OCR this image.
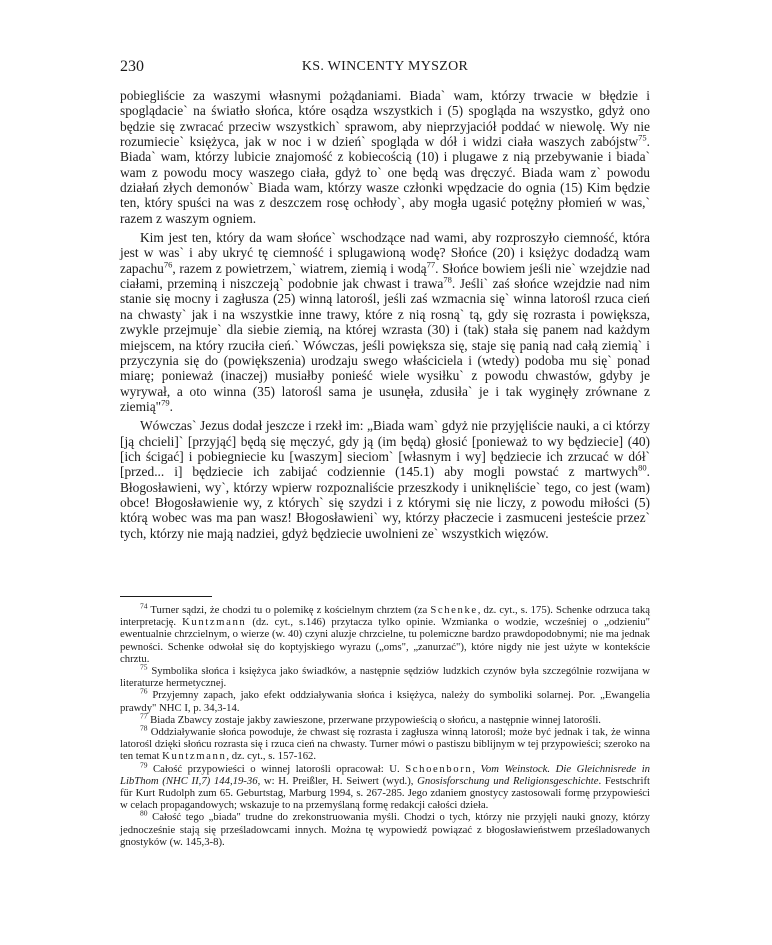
230	KS. WINCENTY MYSZOR

pobiegliście za waszymi własnymi pożądaniami. Biada` wam, którzy trwacie w błędzie i spoglądacie` na światło słońca, które osądza wszystkich i (5) spogląda na wszystko, gdyż ono będzie się zwracać przeciw wszystkich` sprawom, aby nieprzyjaciół poddać w niewolę. Wy nie rozumiecie` księżyca, jak w noc i w dzień` spogląda w dół i widzi ciała waszych zabójstw$^{75}$. Biada` wam, którzy lubicie znajomość z kobiecością (10) i plugawe z nią przebywanie i biada` wam z powodu mocy waszego ciała, gdyż to` one będą was dręczyć. Biada wam z` powodu działań złych demonów` Biada wam, którzy wasze członki wpędzacie do ognia (15) Kim będzie ten, który spuści na was z deszczem rosę ochłody`, aby mogła ugasić potężny płomień w was,` razem z waszym ogniem.

Kim jest ten, który da wam słońce` wschodzące nad wami, aby rozproszyło ciemność, która jest w was` i aby ukryć tę ciemność i splugawioną wodę? Słońce (20) i księżyc dodadzą wam zapachu$^{76}$, razem z powietrzem,` wiatrem, ziemią i wodą$^{77}$. Słońce bowiem jeśli nie` wzejdzie nad ciałami, przeminą i niszczeją` podobnie jak chwast i trawa$^{78}$. Jeśli` zaś słońce wzejdzie nad nim stanie się mocny i zagłusza (25) winną latorośl, jeśli zaś wzmacnia się` winna latorośl rzuca cień na chwasty` jak i na wszystkie inne trawy, które z nią rosną` tą, gdy się rozrasta i powiększa, zwykle przejmuje` dla siebie ziemią, na której wzrasta (30) i (tak) stała się panem nad każdym miejscem, na który rzuciła cień.` Wówczas, jeśli powiększa się, staje się panią nad całą ziemią` i przyczynia się do (powiększenia) urodzaju swego właściciela i (wtedy) podoba mu się` ponad miarę; ponieważ (inaczej) musiałby ponieść wiele wysiłku` z powodu chwastów, gdyby je wyrywał, a oto winna (35) latorośl sama je usunęła, zdusiła` je i tak wyginęły zrównane z ziemią"$^{79}$.

Wówczas` Jezus dodał jeszcze i rzekł im: „Biada wam` gdyż nie przyjęliście nauki, a ci którzy [ją chcieli]` [przyjąć] będą się męczyć, gdy ją (im będą) głosić [ponieważ to wy będziecie] (40) [ich ścigać] i pobiegniecie ku [waszym] sieciom` [własnym i wy] będziecie ich zrzucać w dół` [przed... i] będziecie ich zabijać codziennie (145.1) aby mogli powstać z martwych$^{80}$. Błogosławieni, wy`, którzy wpierw rozpoznaliście przeszkody i uniknęliście` tego, co jest (wam) obce! Błogosławienie wy, z których` się szydzi i z którymi się nie liczy, z powodu miłości (5) którą wobec was ma pan wasz! Błogosławieni` wy, którzy płaczecie i zasmuceni jesteście przez` tych, którzy nie mają nadziei, gdyż będziecie uwolnieni ze` wszystkich więzów.

$^{74}$ Turner sądzi, że chodzi tu o polemikę z kościelnym chrztem (za Schenke, dz. cyt., s. 175). Schenke odrzuca taką interpretację. Kuntzmann (dz. cyt., s.146) przytacza tylko opinie. Wzmianka o wodzie, wcześniej o „odzieniu" ewentualnie chrzcielnym, o wierze (w. 40) czyni aluzje chrzcielne, tu polemiczne bardzo prawdopodobnymi; nie ma jednak pewności. Schenke odwołał się do koptyjskiego wyrazu („oms", „zanurzać"), które nigdy nie jest użyte w kontekście chrztu.

$^{75}$ Symbolika słońca i księżyca jako świadków, a następnie sędziów ludzkich czynów była szczególnie rozwijana w literaturze hermetycznej.

$^{76}$ Przyjemny zapach, jako efekt oddziaływania słońca i księżyca, należy do symboliki solarnej. Por. „Ewangelia prawdy" NHC I, p. 34,3-14.

$^{77}$ Biada Zbawcy zostaje jakby zawieszone, przerwane przypowieścią o słońcu, a następnie winnej latorośli.

$^{78}$ Oddziaływanie słońca powoduje, że chwast się rozrasta i zagłusza winną latorośl; może być jednak i tak, że winna latorośl dzięki słońcu rozrasta się i rzuca cień na chwasty. Turner mówi o pastiszu biblijnym w tej przypowieści; szeroko na ten temat Kuntzmann, dz. cyt., s. 157-162.

$^{79}$ Całość przypowieści o winnej latorośli opracował: U. Schoenborn, Vom Weinstock. Die Gleichnisrede in LibThom (NHC II,7) 144,19-36, w: H. Preißler, H. Seiwert (wyd.), Gnosisforschung und Religionsgeschichte. Festschrift für Kurt Rudolph zum 65. Geburtstag, Marburg 1994, s. 267-285. Jego zdaniem gnostycy zastosowali formę przypowieści w celach propagandowych; wskazuje to na przemyślaną formę redakcji całości dzieła.

$^{80}$ Całość tego „biada" trudne do zrekonstruowania myśli. Chodzi o tych, którzy nie przyjęli nauki gnozy, którzy jednocześnie stają się prześladowcami innych. Można tę wypowiedź powiązać z błogosławieństwem prześladowanych gnostyków (w. 145,3-8).
